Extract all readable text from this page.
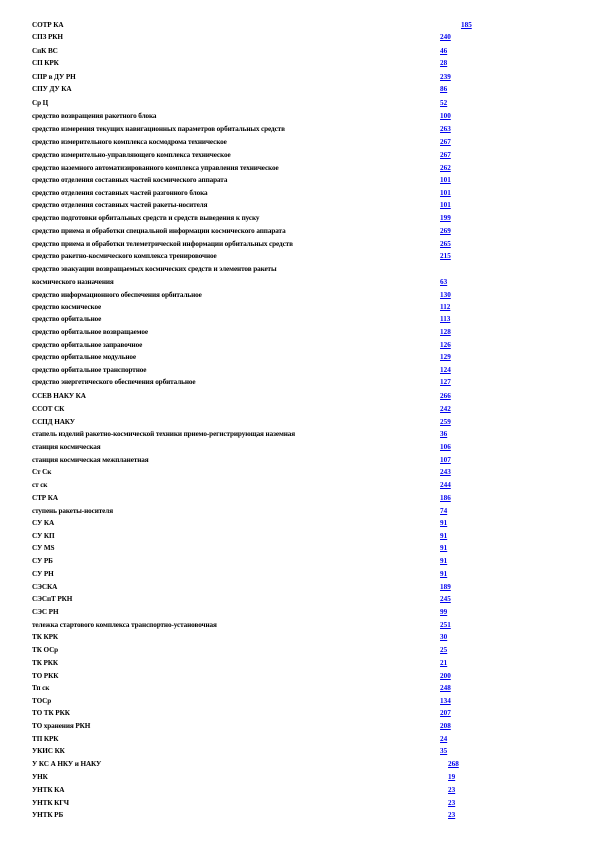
СОТР КА	185
СПЗ РКН	240
СпК ВС	46
СП КРК	28
СПР в ДУ РН	239
СПУ ДУ КА	86
Ср Ц	52
средство возвращения ракетного блока	100
средство измерения текущих навигационных параметров орбитальных средств	263
средство измерительного комплекса космодрома техническое	267
средство измерительно-управляющего комплекса техническое	267
средство наземного автоматизированного комплекса управления техническое	262
средство отделения составных частей космического аппарата	101
средство отделения составных частей разгонного блока	101
средство отделения составных частей ракеты-носителя	101
средство подготовки орбитальных средств и средств выведения к пуску	199
средство приема и обработки специальной информации космического аппарата	269
средство приема и обработки телеметрической информации орбитальных средств	265
средство ракетно-космического комплекса тренировочное	215
средство эвакуации возвращаемых космических средств и элементов ракеты
космического назначения	63
средство информационного обеспечения орбитальное	130
средство космическое	112
средство орбитальное	113
средство орбитальное возвращаемое	128
средство орбитальное заправочное	126
средство орбитальное модульное	129
средство орбитальное транспортное	124
средство энергетического обеспечения орбитальное	127
ССЕВ НАКУ КА	266
ССОТ СК	242
ССПД НАКУ	259
стапель изделий ракетно-космической техники приемо-регистрирующая наземная	36
станция космическая	106
станция космическая межпланетная	107
Ст Ск	243
ст ск	244
СТР КА	186
ступень ракеты-носителя	74
СУ КА	91
СУ КП	91
СУ МS	91
СУ РБ	91
СУ РН	91
СЭСКА	189
СЭСпТ РКН	245
СЭС РН	99
тележка стартового комплекса транспортно-установочная	251
ТК КРК	30
ТК ОСр	25
ТК РКК	21
ТО РКК	200
Тп ск	248
ТОСр	134
ТО ТК РКК	207
ТО хранения РКН	208
ТП КРК	24
УКИС КК	35
У КС А НКУ и НАКУ	268
УНК	19
УНТК КА	23
УНТК КГЧ	23
УНТК РБ	23
